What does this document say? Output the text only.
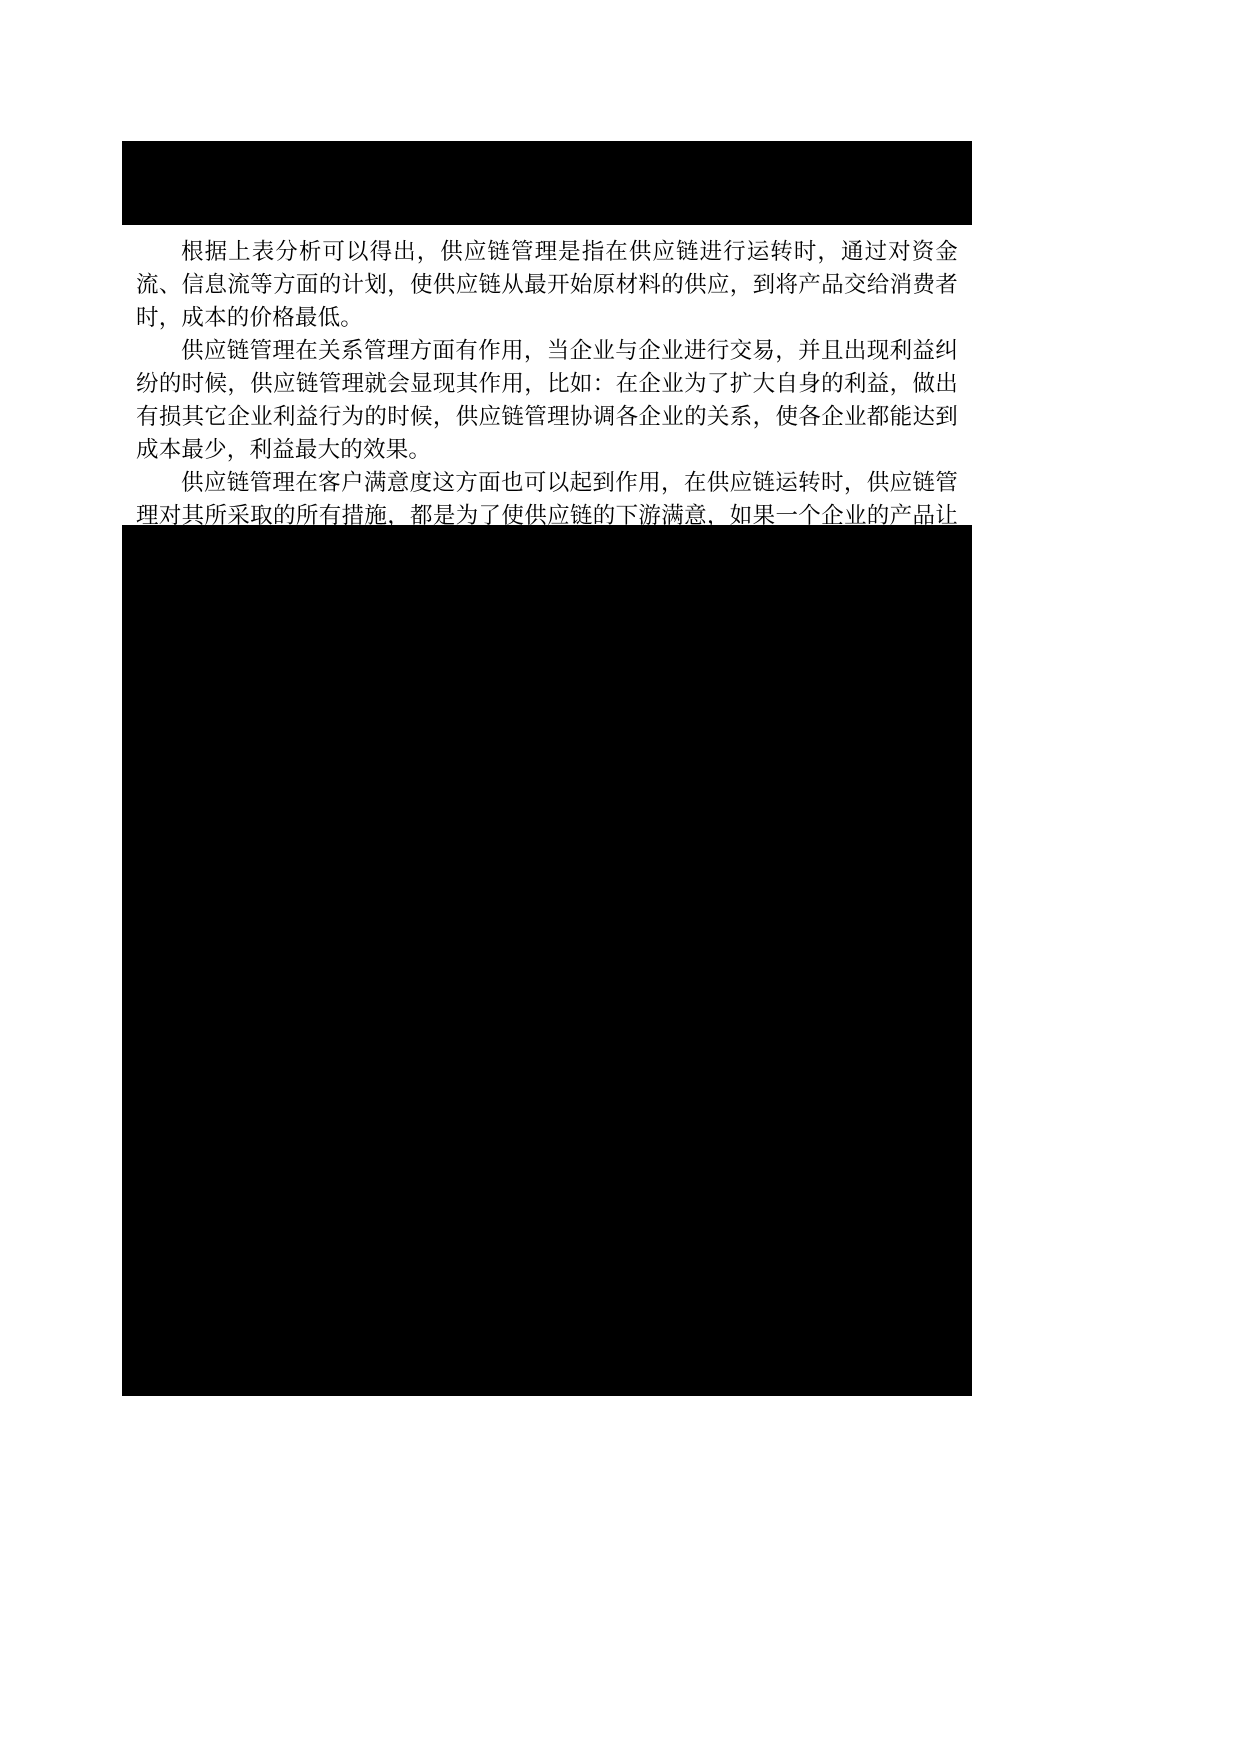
根据上表分析可以得出，供应链管理是指在供应链进行运转时，通过对资金流、信息流等方面的计划，使供应链从最开始原材料的供应，到将产品交给消费者时，成本的价格最低。

供应链管理在关系管理方面有作用，当企业与企业进行交易，并且出现利益纠纷的时候，供应链管理就会显现其作用，比如：在企业为了扩大自身的利益，做出有损其它企业利益行为的时候，供应链管理协调各企业的关系，使各企业都能达到成本最少，利益最大的效果。

供应链管理在客户满意度这方面也可以起到作用，在供应链运转时，供应链管理对其所采取的所有措施，都是为了使供应链的下游满意，如果一个企业的产品让客户满意度低，那么该企业可能面临危机。
